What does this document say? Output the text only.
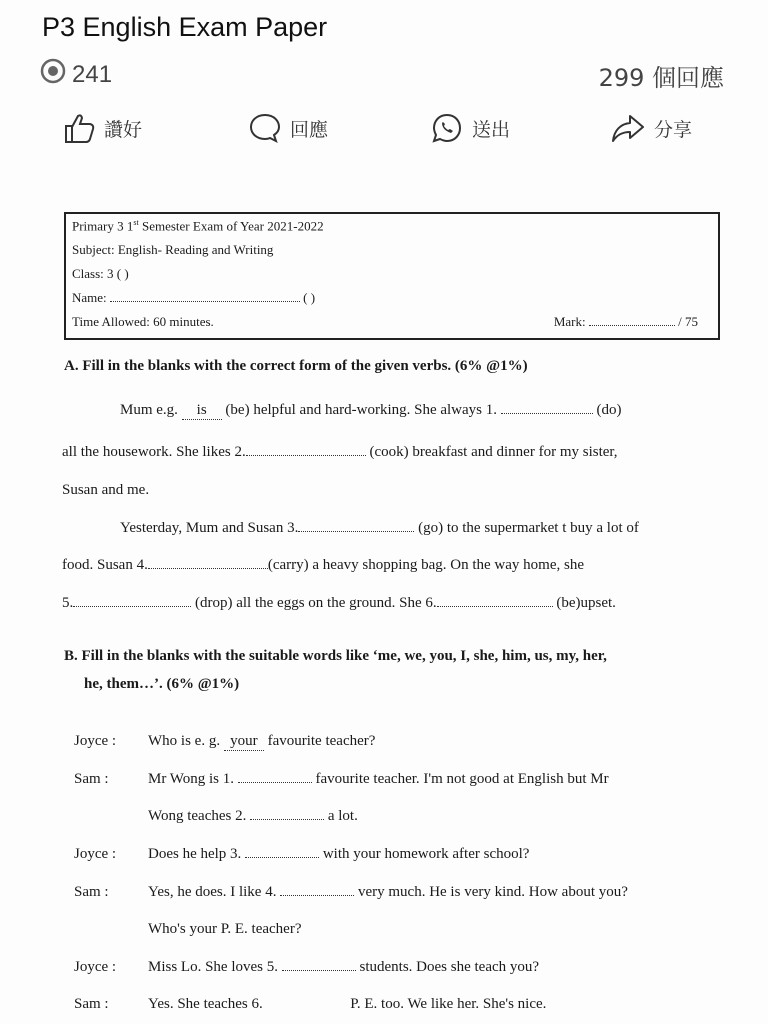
P3 English Exam Paper
241	299 個回應
讚好	回應	送出	分享
Primary 3 1st Semester Exam of Year 2021-2022
Subject: English- Reading and Writing
Class: 3 ( )
Name:	( )
Time Allowed: 60 minutes.	Mark:	/ 75
A. Fill in the blanks with the correct form of the given verbs. (6% @1%)
Mum e.g. is (be) helpful and hard-working. She always 1.	(do)
all the housework. She likes 2.	(cook) breakfast and dinner for my sister,
Susan and me.
Yesterday, Mum and Susan 3.	(go) to the supermarket t buy a lot of
food. Susan 4.	(carry) a heavy shopping bag. On the way home, she
5.	(drop) all the eggs on the ground. She 6.	(be)upset.
B. Fill in the blanks with the suitable words like ‘me, we, you, I, she, him, us, my, her,
he, them…’. (6% @1%)
Joyce : Who is e. g. your favourite teacher?
Sam :	Mr Wong is 1.	favourite teacher. I'm not good at English but Mr
Wong teaches 2.	a lot.
Joyce : Does he help 3.	with your homework after school?
Sam :	Yes, he does. I like 4.	very much. He is very kind. How about you?
Who's your P. E. teacher?
Joyce : Miss Lo. She loves 5.	students. Does she teach you?
Sam :	Yes. She teaches 6.	P. E. too. We like her. She's nice.
